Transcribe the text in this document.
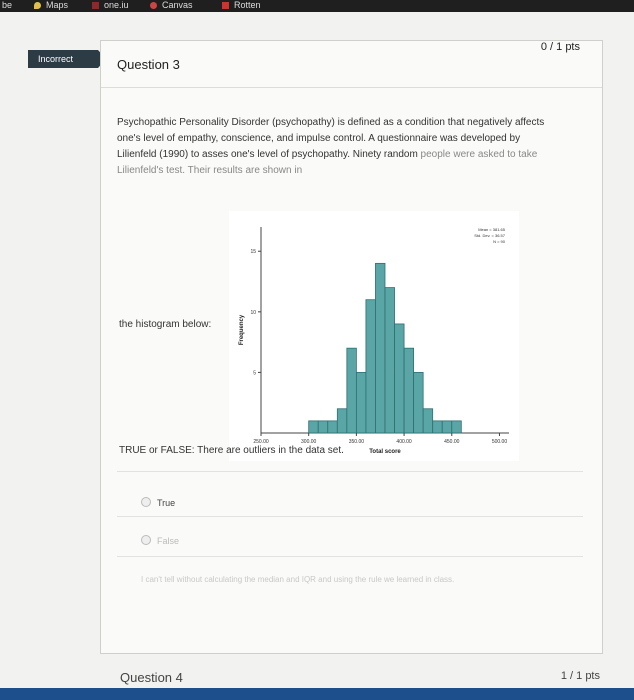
be	Maps	one.iu	Canvas	Rotten
Incorrect	Question 3
0 / 1 pts
Psychopathic Personality Disorder (psychopathy) is defined as a condition that negatively affects one's level of empathy, conscience, and impulse control. A questionnaire was developed by Lilienfeld (1990) to asses one's level of psychopathy. Ninety random people were asked to take Lilienfeld's test. Their results are shown in
the histogram below:
250.00	300.00	350.00	400.00	450.00	500.00
5
10
15
Total score
Frequency
Mean = 381.65
Std. Dev. = 36.57
N = 90
TRUE or FALSE: There are outliers in the data set.
True
False
I can't tell without calculating the median and IQR and using the rule we learned in class.
Question 4	1 / 1 pts
